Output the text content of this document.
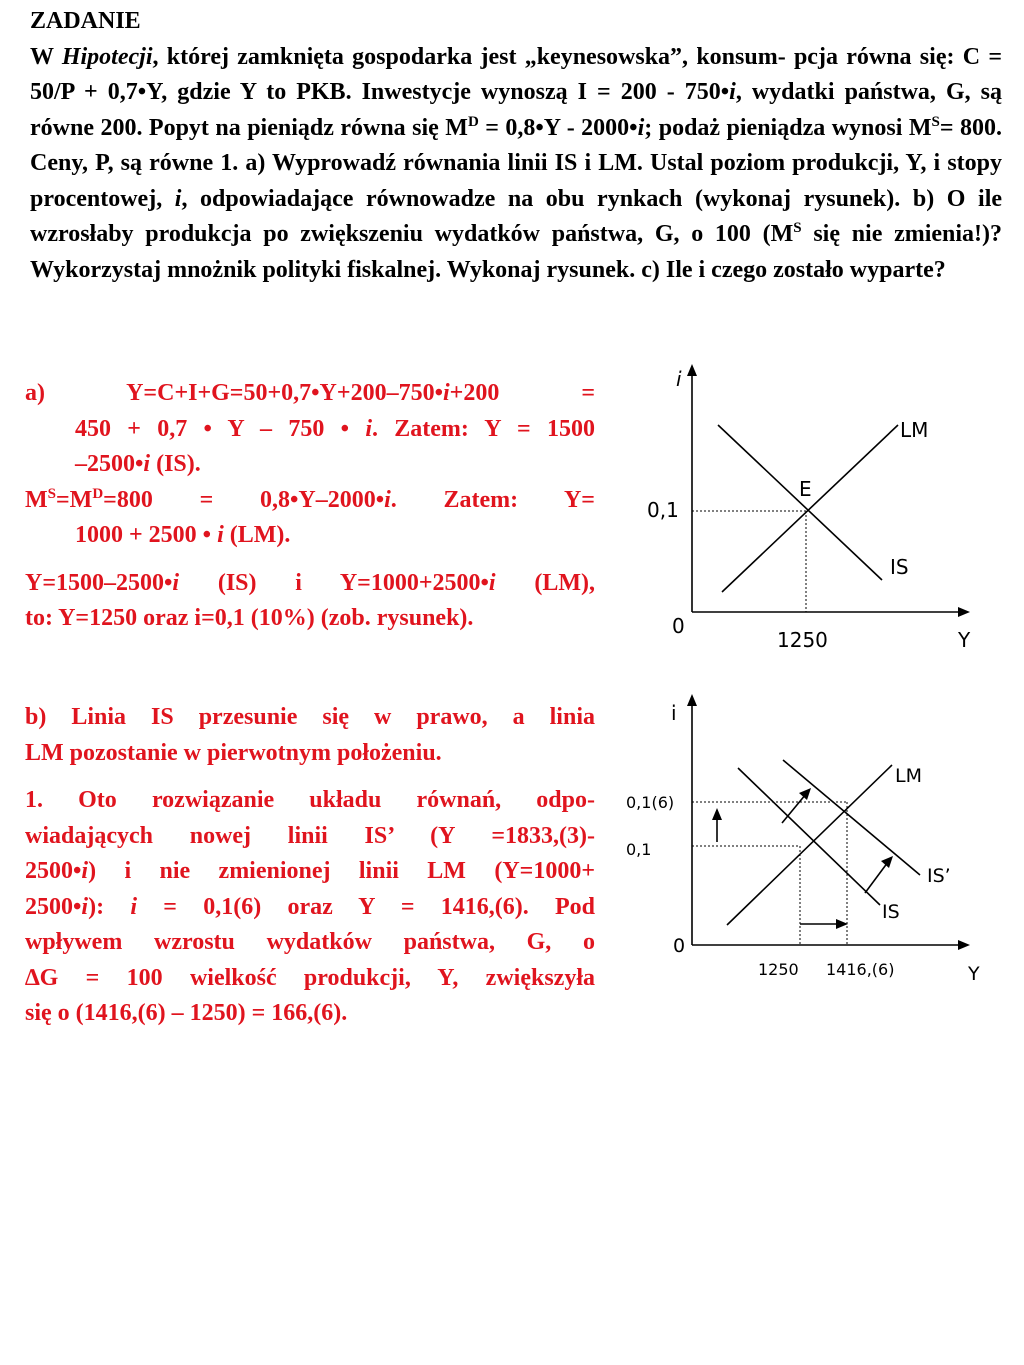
ZADANIE
W Hipotecji, której zamknięta gospodarka jest „keynesowska”, konsum- pcja równa się: C = 50/P + 0,7•Y, gdzie Y to PKB. Inwestycje wynoszą I = 200 - 750•i, wydatki państwa, G, są równe 200. Popyt na pieniądz równa się $M^D$ = 0,8•Y - 2000•i; podaż pieniądza wynosi $M^S= 800$. Ceny, P, są równe 1. a) Wyprowadź równania linii IS i LM. Ustal poziom produkcji, Y, i stopy procentowej, i, odpowiadające równowadze na obu rynkach (wykonaj rysunek). b) O ile wzrosłaby produkcja po zwiększeniu wydatków państwa, G, o 100 ($M^S$ się nie zmienia!)? Wykorzystaj mnożnik polityki fiskalnej. Wykonaj rysunek. c) Ile i czego zostało wyparte?
a) Y=C+I+G=50+0,7•Y+200–750•i+200 =
450 + 0,7 • Y – 750 • i. Zatem: Y = 1500
–2500•i (IS).
$M^S=M^D=800$ = 0,8•Y–2000•i. Zatem: Y=
1000 + 2500 • i (LM).
Y=1500–2500•i (IS) i Y=1000+2500•i (LM),
to: Y=1250 oraz i=0,1 (10%) (zob. rysunek).
b) Linia IS przesunie się w prawo, a linia
LM pozostanie w pierwotnym położeniu.
1. Oto rozwiązanie układu równań, odpo-
wiadających nowej linii IS’ (Y =1833,(3)-
2500•i) i nie zmienionej linii LM (Y=1000+
2500•i): i = 0,1(6) oraz Y = 1416,(6). Pod
wpływem wzrostu wydatków państwa, G, o
∆G = 100 wielkość produkcji, Y, zwiększyła
się o (1416,(6) – 1250) = 166,(6).
i
LM
E
0,1
IS
0
1250	Y
i
LM
0,1(6)
0,1
IS’
IS
0
1250 1416,(6)	Y
